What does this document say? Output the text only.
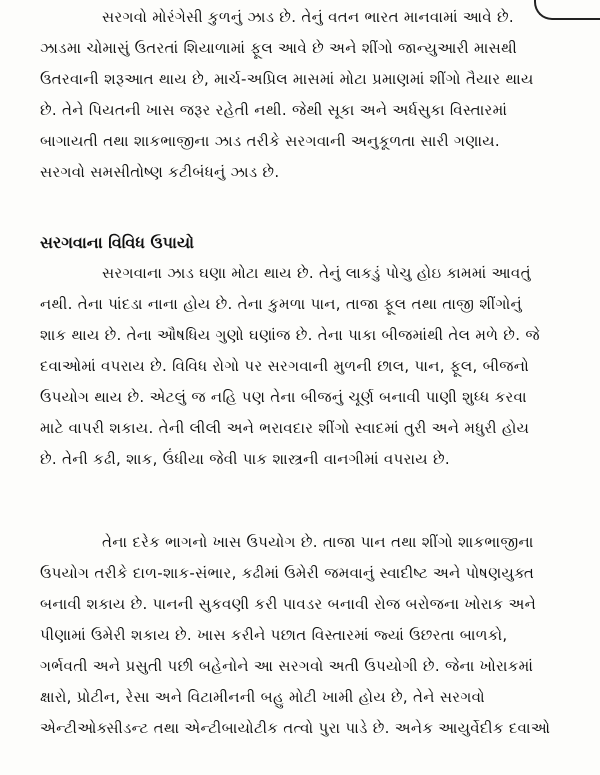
સરગવો મોરંગેસી કુળનું ઝાડ છે. તેનું વતન ભારત માનવામાં આવે છે.
ઝાડમા ચોમાસું ઉતરતાં શિયાળામાં ફૂલ આવે છે અને શીંગો જાન્યુઆરી માસથી
ઉતરવાની શરૂઆત થાય છે, માર્ચ-અપ્રિલ માસમાં મોટા પ્રમાણમાં શીંગો તૈયાર થાય
છે. તેને પિયતની ખાસ જરૂર રહેતી નથી. જેથી સૂકા અને અર્ધસુકા વિસ્તારમાં
બાગાયતી તથા શાકભાજીના ઝાડ તરીકે સરગવાની અનુકૂળતા સારી ગણાય.
સરગવો સમસીતોષ્ણ કટીબંધનું ઝાડ છે.
સરગવાના વિવિધ ઉપાયો
સરગવાના ઝાડ ઘણા મોટા થાય છે. તેનું લાકડું પોચુ હોઇ કામમાં આવતું
નથી. તેના પાંદડા નાના હોય છે. તેના કુમળા પાન, તાજા ફૂલ તથા તાજી શીંગોનું
શાક થાય છે. તેના ઔષધિય ગુણો ઘણાંજ છે. તેના પાકા બીજમાંથી તેલ મળે છે. જે
દવાઓમાં વપરાય છે. વિવિધ રોગો પર સરગવાની મુળની છાલ, પાન, ફૂલ, બીજનો
ઉપયોગ થાય છે. એટલું જ નહિ પણ તેના બીજનું ચૂર્ણ બનાવી પાણી શુધ્ધ કરવા
માટે વાપરી શકાય. તેની લીલી અને ભરાવદાર શીંગો સ્વાદમાં તુરી અને મધુરી હોય
છે. તેની કઢી, શાક, ઉંધીયા જેવી પાક શાસ્ત્રની વાનગીમાં વપરાય છે.
તેના દરેક ભાગનો ખાસ ઉપયોગ છે. તાજા પાન તથા શીંગો શાકભાજીના
ઉપયોગ તરીકે દાળ-શાક-સંભાર, કઢીમાં ઉમેરી જમવાનું સ્વાદીષ્ટ અને પોષણયુક્ત
બનાવી શકાય છે. પાનની સુકવણી કરી પાવડર બનાવી રોજ બરોજના ખોરાક અને
પીણામાં ઉમેરી શકાય છે. ખાસ કરીને પછાત વિસ્તારમાં જ્યાં ઉછરતા બાળકો,
ગર્ભવતી અને પ્રસુતી પછી બહેનોને આ સરગવો અતી ઉપયોગી છે. જેના ખોરાકમાં
ક્ષારો, પ્રોટીન, રેસા અને વિટામીનની બહુ મોટી ખામી હોય છે, તેને સરગવો
એન્ટીઓક્સીડન્ટ તથા એન્ટીબાયોટીક તત્વો પુરા પાડે છે. અનેક આયુર્વેદીક દવાઓ
